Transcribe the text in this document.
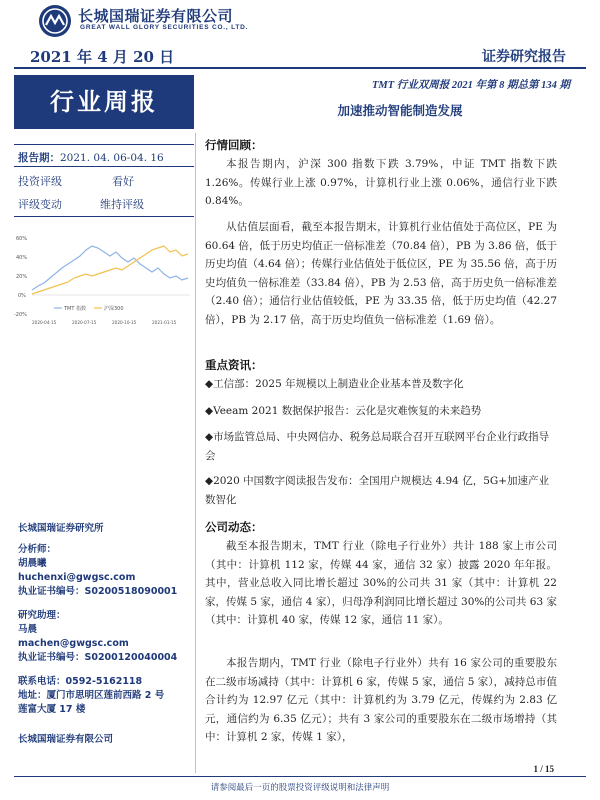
长城国瑞证券有限公司
GREAT WALL GLORY SECURITIES CO., LTD.
2021 年 4 月 20 日	证券研究报告
行业周报
TMT 行业双周报 2021 年第 8 期总第 134 期
加速推动智能制造发展
报告期：2021. 04. 06-04. 16
投资评级	看好
评级变动	维持评级
60%
40%
20%
0%
-20%
TMT 指数	沪深300
2020-04-15	2020-07-15	2020-10-15	2021-01-15
长城国瑞证券研究所
分析师：
胡晨曦
huchenxi@gwgsc.com
执业证书编号：S0200518090001
研究助理：
马晨
machen@gwgsc.com
执业证书编号：S0200120040004
联系电话：0592-5162118
地址：厦门市思明区莲前西路 2 号
莲富大厦 17 楼
长城国瑞证券有限公司
行情回顾：
本报告期内，沪深 300 指数下跌 3.79%，中证 TMT 指数下跌 1.26%。传媒行业上涨 0.97%，计算机行业上涨 0.06%，通信行业下跌 0.84%。
从估值层面看，截至本报告期末，计算机行业估值处于高位区，PE 为 60.64 倍，低于历史均值正一倍标准差（70.84 倍），PB 为 3.86 倍，低于历史均值（4.64 倍）；传媒行业估值处于低位区，PE 为 35.56 倍，高于历史均值负一倍标准差（33.84 倍），PB 为 2.53 倍，高于历史负一倍标准差（2.40 倍）；通信行业估值较低，PE 为 33.35 倍，低于历史均值（42.27 倍），PB 为 2.17 倍，高于历史均值负一倍标准差（1.69 倍）。
重点资讯：
◆工信部：2025 年规模以上制造业企业基本普及数字化
◆Veeam 2021 数据保护报告：云化是灾难恢复的未来趋势
◆市场监管总局、中央网信办、税务总局联合召开互联网平台企业行政指导会
◆2020 中国数字阅读报告发布：全国用户规模达 4.94 亿，5G+加速产业数智化
公司动态：
截至本报告期末，TMT 行业（除电子行业外）共计 188 家上市公司（其中：计算机 112 家，传媒 44 家，通信 32 家）披露 2020 年年报。其中，营业总收入同比增长超过 30%的公司共 31 家（其中：计算机 22 家，传媒 5 家，通信 4 家），归母净利润同比增长超过 30%的公司共 63 家（其中：计算机 40 家，传媒 12 家，通信 11 家）。
本报告期内，TMT 行业（除电子行业外）共有 16 家公司的重要股东在二级市场减持（其中：计算机 6 家，传媒 5 家，通信 5 家），减持总市值合计约为 12.97 亿元（其中：计算机约为 3.79 亿元，传媒约为 2.83 亿元，通信约为 6.35 亿元）；共有 3 家公司的重要股东在二级市场增持（其中：计算机 2 家，传媒 1 家），
1 / 15
请参阅最后一页的股票投资评级说明和法律声明
